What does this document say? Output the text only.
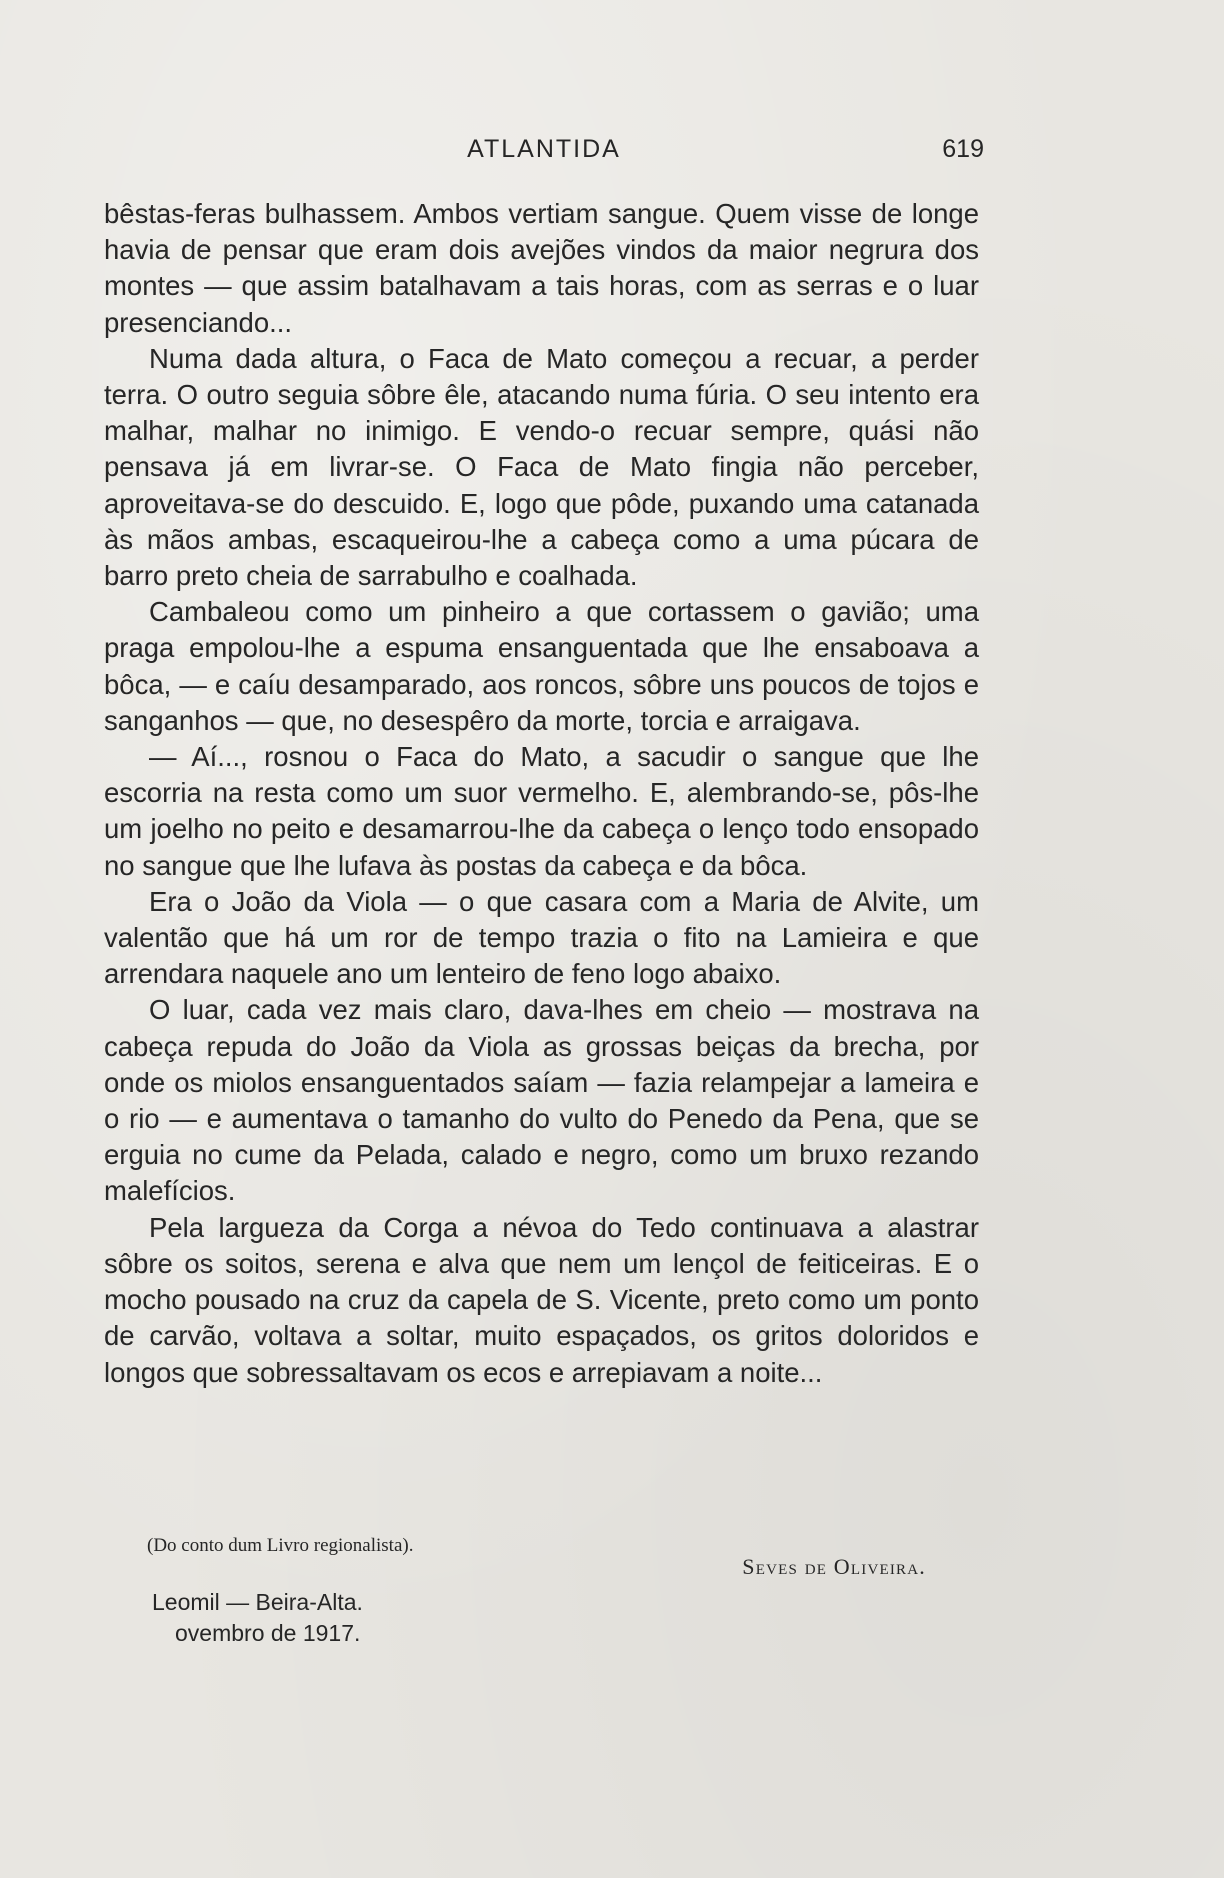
ATLANTIDA	619

bêstas-feras bulhassem. Ambos vertiam sangue. Quem visse de longe havia de pensar que eram dois avejões vindos da maior negrura dos montes — que assim batalhavam a tais horas, com as serras e o luar presenciando...

Numa dada altura, o Faca de Mato começou a recuar, a perder terra. O outro seguia sôbre êle, atacando numa fúria. O seu intento era malhar, malhar no inimigo. E vendo-o recuar sempre, quási não pensava já em livrar-se. O Faca de Mato fingia não perceber, aproveitava-se do descuido. E, logo que pôde, puxando uma catanada às mãos ambas, escaqueirou-lhe a cabeça como a uma púcara de barro preto cheia de sarrabulho e coalhada.

Cambaleou como um pinheiro a que cortassem o gavião; uma praga empolou-lhe a espuma ensanguentada que lhe ensaboava a bôca, — e caíu desamparado, aos roncos, sôbre uns poucos de tojos e sanganhos — que, no desespêro da morte, torcia e arraigava.

— Aí..., rosnou o Faca do Mato, a sacudir o sangue que lhe escorria na resta como um suor vermelho. E, alembrando-se, pôs-lhe um joelho no peito e desamarrou-lhe da cabeça o lenço todo ensopado no sangue que lhe lufava às postas da cabeça e da bôca.

Era o João da Viola — o que casara com a Maria de Alvite, um valentão que há um ror de tempo trazia o fito na Lamieira e que arrendara naquele ano um lenteiro de feno logo abaixo.

O luar, cada vez mais claro, dava-lhes em cheio — mostrava na cabeça repuda do João da Viola as grossas beiças da brecha, por onde os miolos ensanguentados saíam — fazia relampejar a lameira e o rio — e aumentava o tamanho do vulto do Penedo da Pena, que se erguia no cume da Pelada, calado e negro, como um bruxo rezando malefícios.

Pela largueza da Corga a névoa do Tedo continuava a alastrar sôbre os soitos, serena e alva que nem um lençol de feiticeiras. E o mocho pousado na cruz da capela de S. Vicente, preto como um ponto de carvão, voltava a soltar, muito espaçados, os gritos doloridos e longos que sobressaltavam os ecos e arrepiavam a noite...

(Do conto dum Livro regionalista).
Seves de Oliveira.
Leomil — Beira-Alta.
ovembro de 1917.
